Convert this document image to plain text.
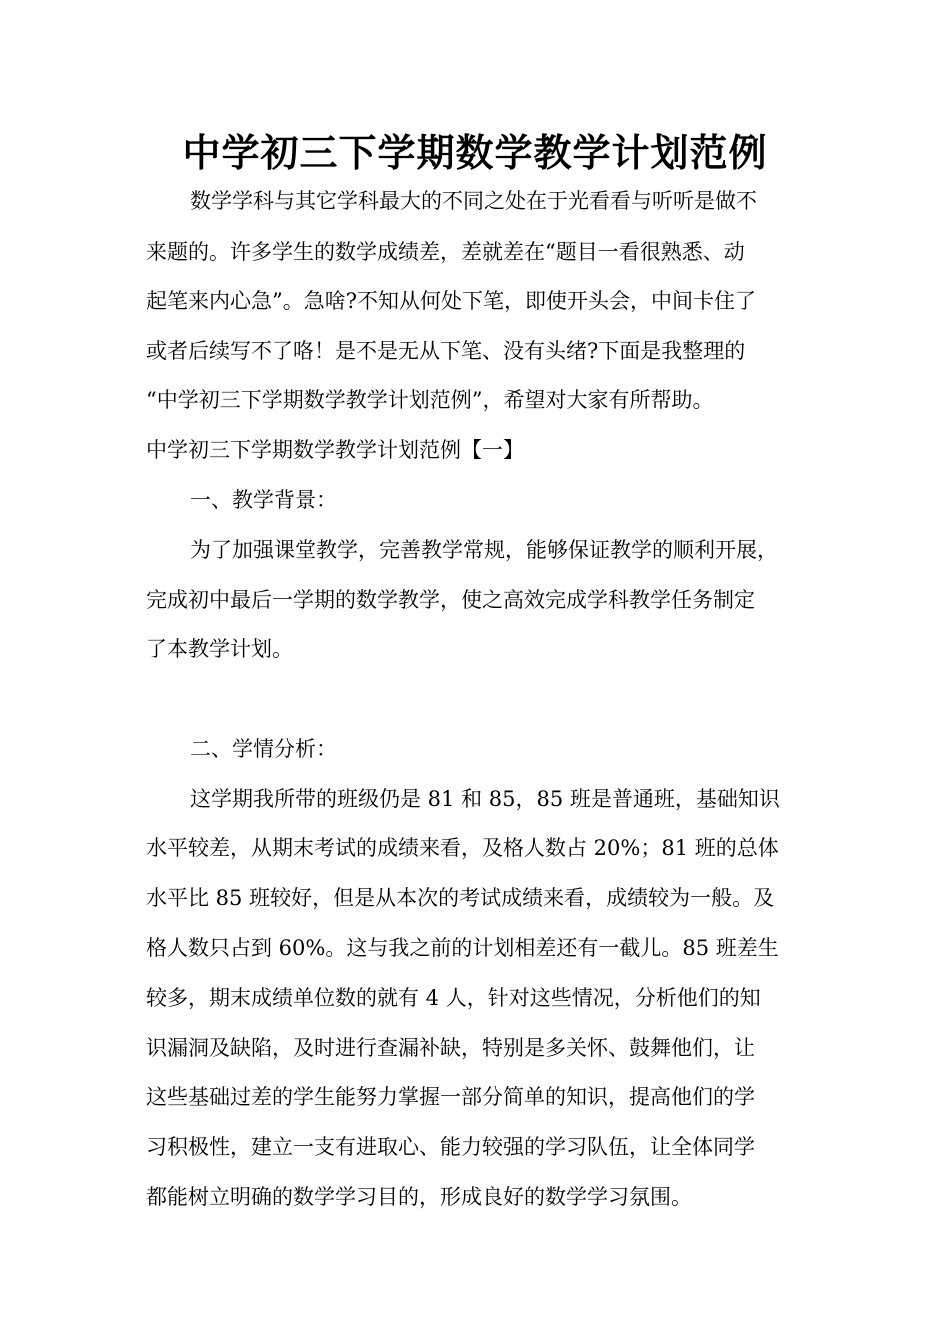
中学初三下学期数学教学计划范例
数学学科与其它学科最大的不同之处在于光看看与听听是做不
来题的。许多学生的数学成绩差，差就差在“题目一看很熟悉、动
起笔来内心急”。急啥?不知从何处下笔，即使开头会，中间卡住了
或者后续写不了咯！是不是无从下笔、没有头绪?下面是我整理的
“中学初三下学期数学教学计划范例”，希望对大家有所帮助。
中学初三下学期数学教学计划范例【一】
一、教学背景：
为了加强课堂教学，完善教学常规，能够保证教学的顺利开展，
完成初中最后一学期的数学教学，使之高效完成学科教学任务制定
了本教学计划。
二、学情分析：
这学期我所带的班级仍是 81 和 85，85 班是普通班，基础知识
水平较差，从期末考试的成绩来看，及格人数占 20%；81 班的总体
水平比 85 班较好，但是从本次的考试成绩来看，成绩较为一般。及
格人数只占到 60%。这与我之前的计划相差还有一截儿。85 班差生
较多，期末成绩单位数的就有 4 人，针对这些情况，分析他们的知
识漏洞及缺陷，及时进行查漏补缺，特别是多关怀、鼓舞他们，让
这些基础过差的学生能努力掌握一部分简单的知识，提高他们的学
习积极性，建立一支有进取心、能力较强的学习队伍，让全体同学
都能树立明确的数学学习目的，形成良好的数学学习氛围。
